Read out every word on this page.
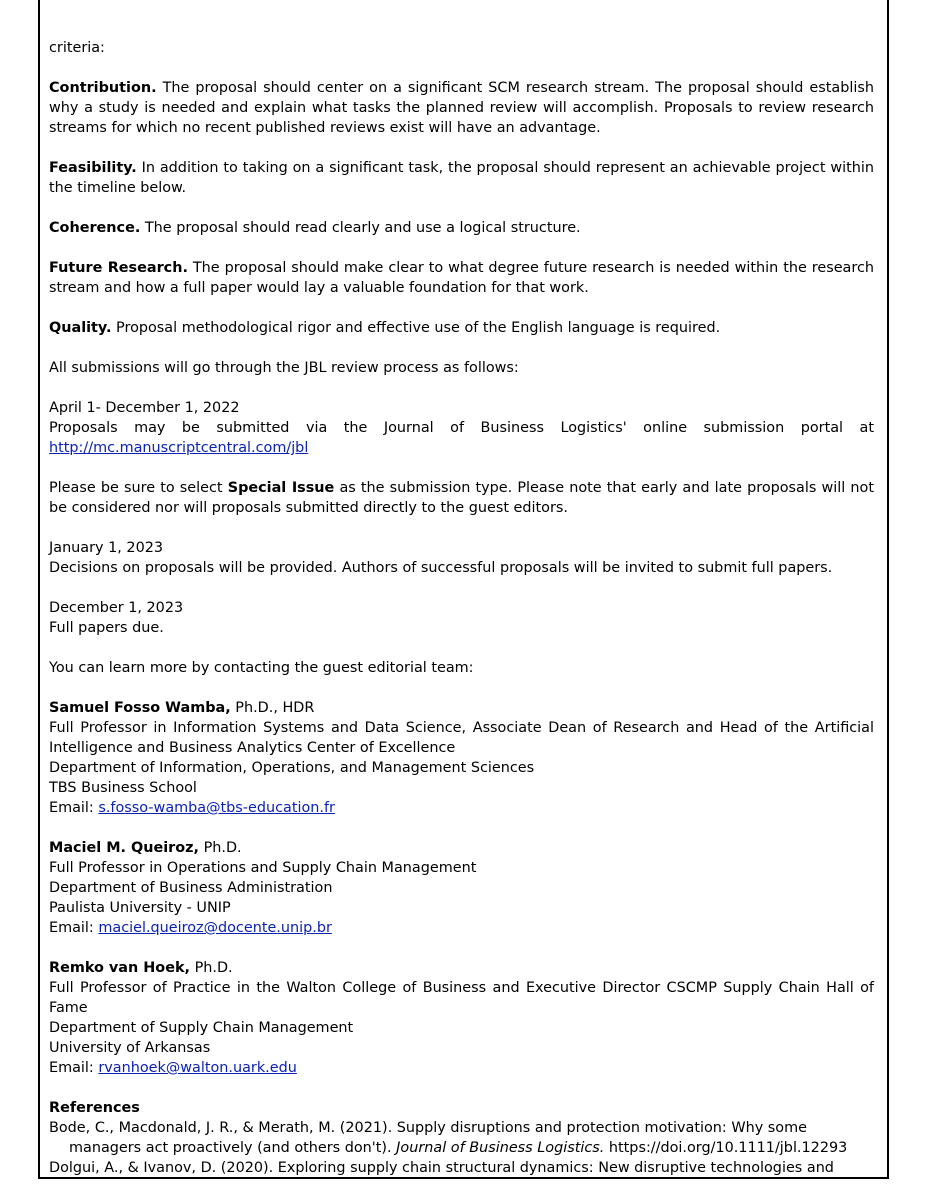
criteria:

Contribution. The proposal should center on a significant SCM research stream. The proposal should establish why a study is needed and explain what tasks the planned review will accomplish. Proposals to review research streams for which no recent published reviews exist will have an advantage.

Feasibility. In addition to taking on a significant task, the proposal should represent an achievable project within the timeline below.

Coherence. The proposal should read clearly and use a logical structure.

Future Research. The proposal should make clear to what degree future research is needed within the research stream and how a full paper would lay a valuable foundation for that work.

Quality. Proposal methodological rigor and effective use of the English language is required.

All submissions will go through the JBL review process as follows:

April 1- December 1, 2022

Proposals may be submitted via the Journal of Business Logistics' online submission portal at http://mc.manuscriptcentral.com/jbl

Please be sure to select Special Issue as the submission type. Please note that early and late proposals will not be considered nor will proposals submitted directly to the guest editors.

January 1, 2023

Decisions on proposals will be provided. Authors of successful proposals will be invited to submit full papers.

December 1, 2023

Full papers due.

You can learn more by contacting the guest editorial team:

Samuel Fosso Wamba, Ph.D., HDR

Full Professor in Information Systems and Data Science, Associate Dean of Research and Head of the Artificial Intelligence and Business Analytics Center of Excellence

Department of Information, Operations, and Management Sciences

TBS Business School

Email: s.fosso-wamba@tbs-education.fr

Maciel M. Queiroz, Ph.D.

Full Professor in Operations and Supply Chain Management

Department of Business Administration

Paulista University - UNIP

Email: maciel.queiroz@docente.unip.br

Remko van Hoek, Ph.D.

Full Professor of Practice in the Walton College of Business and Executive Director CSCMP Supply Chain Hall of Fame

Department of Supply Chain Management

University of Arkansas

Email: rvanhoek@walton.uark.edu

References

Bode, C., Macdonald, J. R., & Merath, M. (2021). Supply disruptions and protection motivation: Why some managers act proactively (and others don't). Journal of Business Logistics. https://doi.org/10.1111/jbl.12293

Dolgui, A., & Ivanov, D. (2020). Exploring supply chain structural dynamics: New disruptive technologies and
